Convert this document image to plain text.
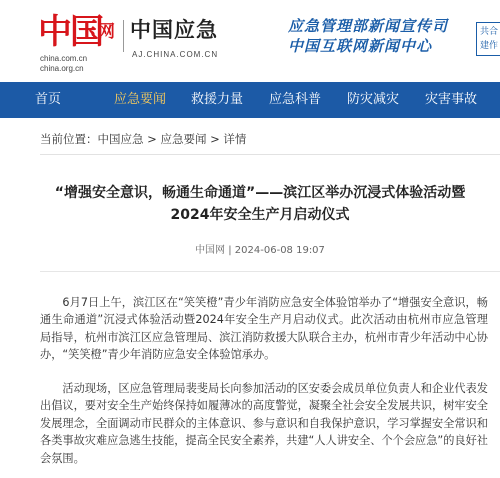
中国
网
china.com.cn china.org.cn
中国应急
AJ.CHINA.COM.CN
应急管理部新闻宣传司
中国互联网新闻中心
共合 建作
首页	应急要闻	救援力量	应急科普	防灾减灾	灾害事故
当前位置：中国应急 > 应急要闻 > 详情
“增强安全意识，畅通生命通道”——滨江区举办沉浸式体验活动暨
2024年安全生产月启动仪式
中国网 | 2024-06-08 19:07

6月7日上午，滨江区在“笑笑橙”青少年消防应急安全体验馆举办了“增强安全意识，畅通生命通道”沉浸式体验活动暨2024年安全生产月启动仪式。此次活动由杭州市应急管理局指导，杭州市滨江区应急管理局、滨江消防救援大队联合主办，杭州市青少年活动中心协办，“笑笑橙”青少年消防应急安全体验馆承办。

活动现场，区应急管理局裴斐局长向参加活动的区安委会成员单位负责人和企业代表发出倡议，要对安全生产始终保持如履薄冰的高度警觉，凝聚全社会安全发展共识，树牢安全发展理念，全面调动市民群众的主体意识、参与意识和自我保护意识，学习掌握安全常识和各类事故灾难应急逃生技能，提高全民安全素养，共建“人人讲安全、个个会应急”的良好社会氛围。
